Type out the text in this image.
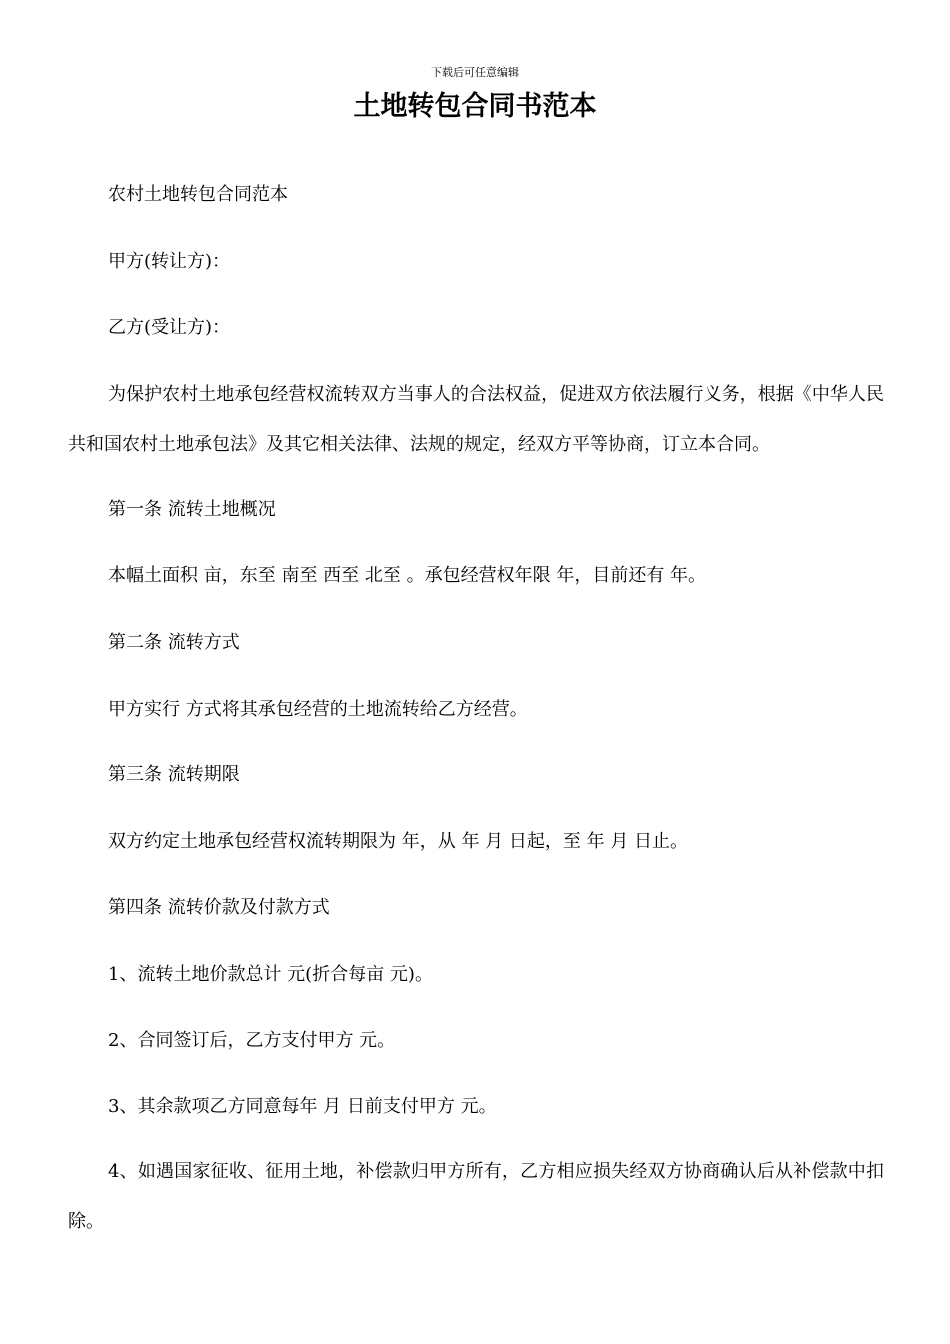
下载后可任意编辑
土地转包合同书范本

农村土地转包合同范本

甲方(转让方)：

乙方(受让方)：

为保护农村土地承包经营权流转双方当事人的合法权益，促进双方依法履行义务，根据《中华人民共和国农村土地承包法》及其它相关法律、法规的规定，经双方平等协商，订立本合同。

第一条 流转土地概况

本幅土面积 亩，东至 南至 西至 北至 。承包经营权年限 年，目前还有 年。

第二条 流转方式

甲方实行 方式将其承包经营的土地流转给乙方经营。

第三条 流转期限

双方约定土地承包经营权流转期限为 年，从 年 月 日起，至 年 月 日止。

第四条 流转价款及付款方式

1、流转土地价款总计 元(折合每亩 元)。

2、合同签订后，乙方支付甲方 元。

3、其余款项乙方同意每年 月 日前支付甲方 元。

4、如遇国家征收、征用土地，补偿款归甲方所有，乙方相应损失经双方协商确认后从补偿款中扣除。
